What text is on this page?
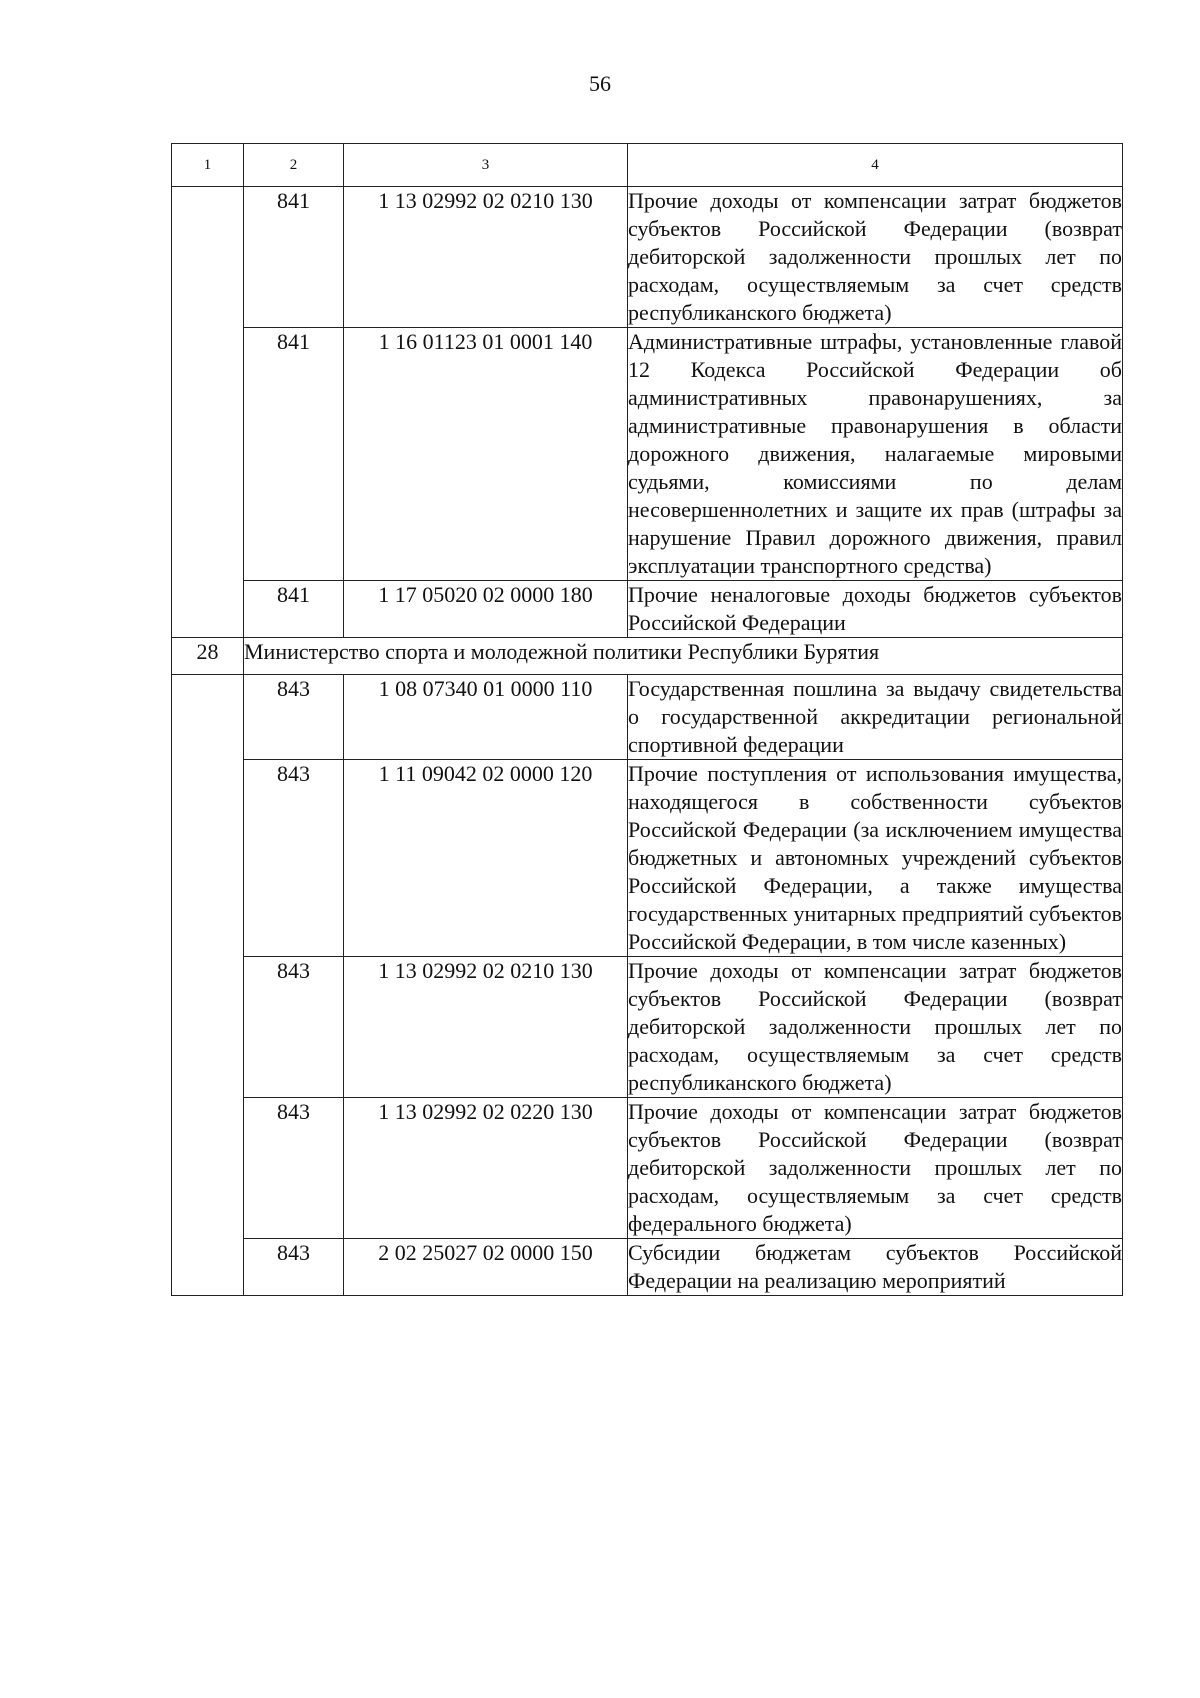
56
1	2	3	4
	841	1 13 02992 02 0210 130	Прочие доходы от компенсации затрат бюджетов субъектов Российской Федерации (возврат дебиторской задолженности прошлых лет по расходам, осуществляемым за счет средств республиканского бюджета)
	841	1 16 01123 01 0001 140	Административные штрафы, установленные главой 12 Кодекса Российской Федерации об административных правонарушениях, за административные правонарушения в области дорожного движения, налагаемые мировыми судьями, комиссиями по делам несовершеннолетних и защите их прав (штрафы за нарушение Правил дорожного движения, правил эксплуатации транспортного средства)
	841	1 17 05020 02 0000 180	Прочие неналоговые доходы бюджетов субъектов Российской Федерации
28	Министерство спорта и молодежной политики Республики Бурятия		
	843	1 08 07340 01 0000 110	Государственная пошлина за выдачу свидетельства о государственной аккредитации региональной спортивной федерации
	843	1 11 09042 02 0000 120	Прочие поступления от использования имущества, находящегося в собственности субъектов Российской Федерации (за исключением имущества бюджетных и автономных учреждений субъектов Российской Федерации, а также имущества государственных унитарных предприятий субъектов Российской Федерации, в том числе казенных)
	843	1 13 02992 02 0210 130	Прочие доходы от компенсации затрат бюджетов субъектов Российской Федерации (возврат дебиторской задолженности прошлых лет по расходам, осуществляемым за счет средств республиканского бюджета)
	843	1 13 02992 02 0220 130	Прочие доходы от компенсации затрат бюджетов субъектов Российской Федерации (возврат дебиторской задолженности прошлых лет по расходам, осуществляемым за счет средств федерального бюджета)
	843	2 02 25027 02 0000 150	Субсидии бюджетам субъектов Российской Федерации на реализацию мероприятий
